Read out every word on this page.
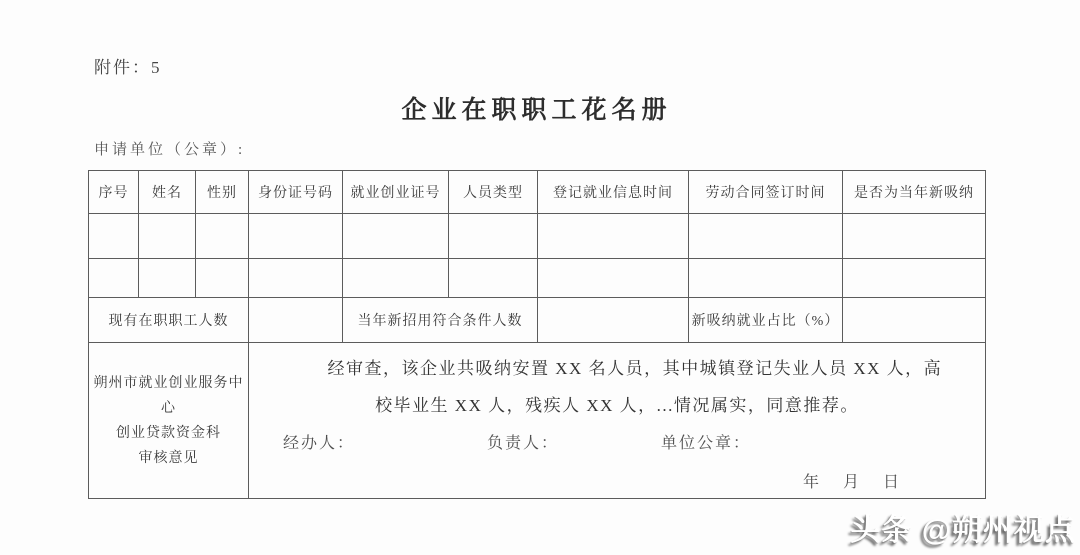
附件：5
企业在职职工花名册
申请单位（公章）:
序号	姓名	性别	身份证号码	就业创业证号	人员类型	登记就业信息时间	劳动合同签订时间	是否为当年新吸纳

现有在职职工人数				当年新招用符合条件人数			新吸纳就业占比（%）	

朔州市就业创业服务中心
创业贷款资金科
审核意见

经审查，该企业共吸纳安置 XX 名人员，其中城镇登记失业人员 XX 人，高
校毕业生 XX 人，残疾人 XX 人，...情况属实，同意推荐。
经办人：	负责人：	单位公章：
年　月　日
头条 @朔州视点
